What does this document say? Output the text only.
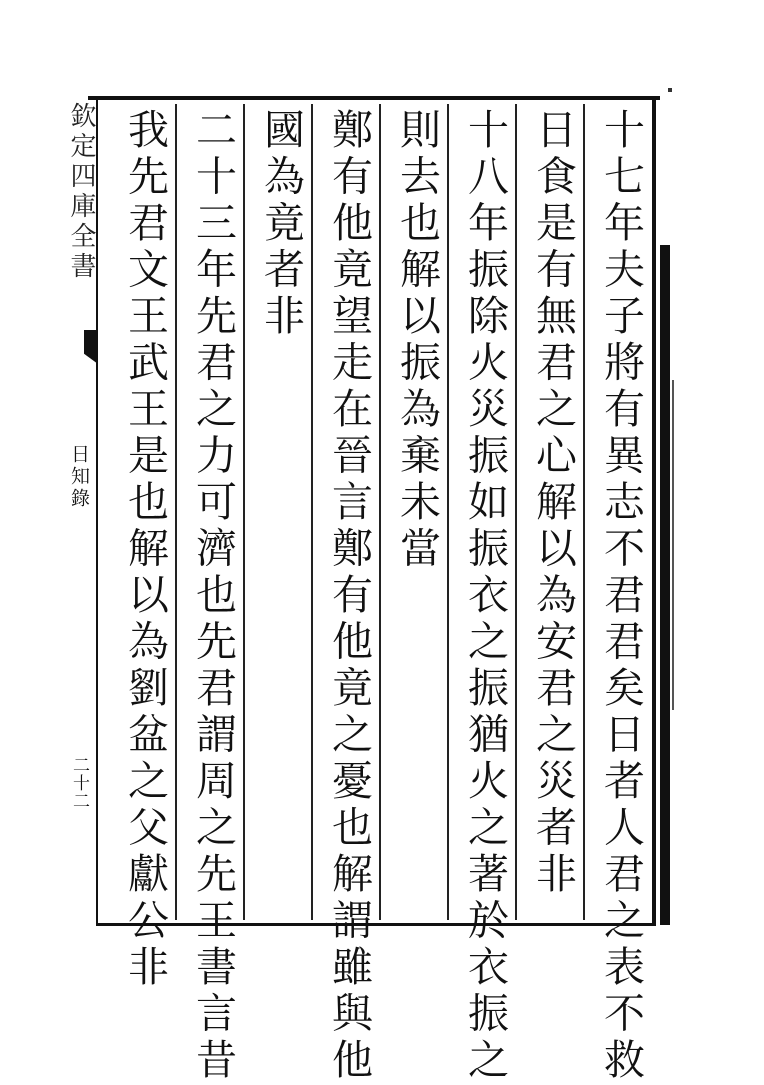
十七年夫子將有異志不君君矣日者人君之表不救
日食是有無君之心解以為安君之災者非
十八年振除火災振如振衣之振猶火之著於衣振之
則去也解以振為棄未當
鄭有他竟望走在晉言鄭有他竟之憂也解謂雖與他
國為竟者非
二十三年先君之力可濟也先君謂周之先王書言昔
我先君文王武王是也解以為劉盆之父獻公非
欽定四庫全書
日知錄
二十二
